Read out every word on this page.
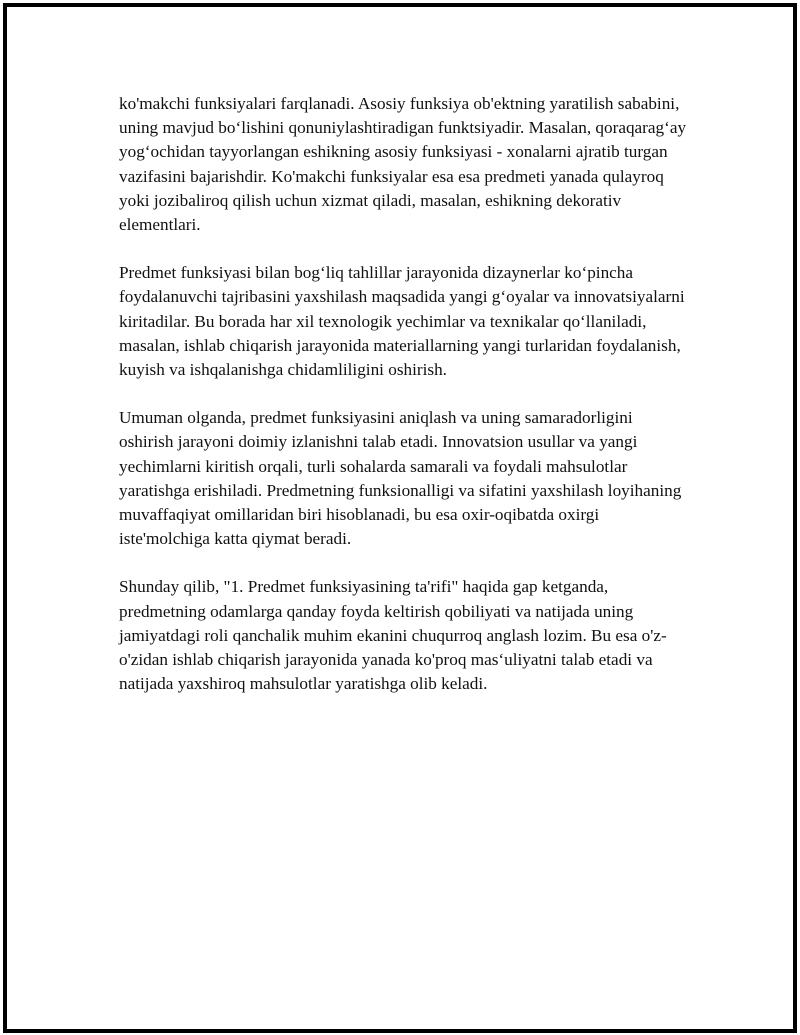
ko'makchi funksiyalari farqlanadi. Asosiy funksiya ob'ektning yaratilish sababini, uning mavjud bo‘lishini qonuniylashtiradigan funktsiyadir. Masalan, qoraqarag‘ay yog‘ochidan tayyorlangan eshikning asosiy funksiyasi - xonalarni ajratib turgan vazifasini bajarishdir. Ko'makchi funksiyalar esa esa predmeti yanada qulayroq yoki jozibaliroq qilish uchun xizmat qiladi, masalan, eshikning dekorativ elementlari.

Predmet funksiyasi bilan bog‘liq tahlillar jarayonida dizaynerlar ko‘pincha foydalanuvchi tajribasini yaxshilash maqsadida yangi g‘oyalar va innovatsiyalarni kiritadilar. Bu borada har xil texnologik yechimlar va texnikalar qo‘llaniladi, masalan, ishlab chiqarish jarayonida materiallarning yangi turlaridan foydalanish, kuyish va ishqalanishga chidamliligini oshirish.

Umuman olganda, predmet funksiyasini aniqlash va uning samaradorligini oshirish jarayoni doimiy izlanishni talab etadi. Innovatsion usullar va yangi yechimlarni kiritish orqali, turli sohalarda samarali va foydali mahsulotlar yaratishga erishiladi. Predmetning funksionalligi va sifatini yaxshilash loyihaning muvaffaqiyat omillaridan biri hisoblanadi, bu esa oxir-oqibatda oxirgi iste'molchiga katta qiymat beradi.

Shunday qilib, "1. Predmet funksiyasining ta'rifi" haqida gap ketganda, predmetning odamlarga qanday foyda keltirish qobiliyati va natijada uning jamiyatdagi roli qanchalik muhim ekanini chuqurroq anglash lozim. Bu esa o'z-o'zidan ishlab chiqarish jarayonida yanada ko'proq mas‘uliyatni talab etadi va natijada yaxshiroq mahsulotlar yaratishga olib keladi.
